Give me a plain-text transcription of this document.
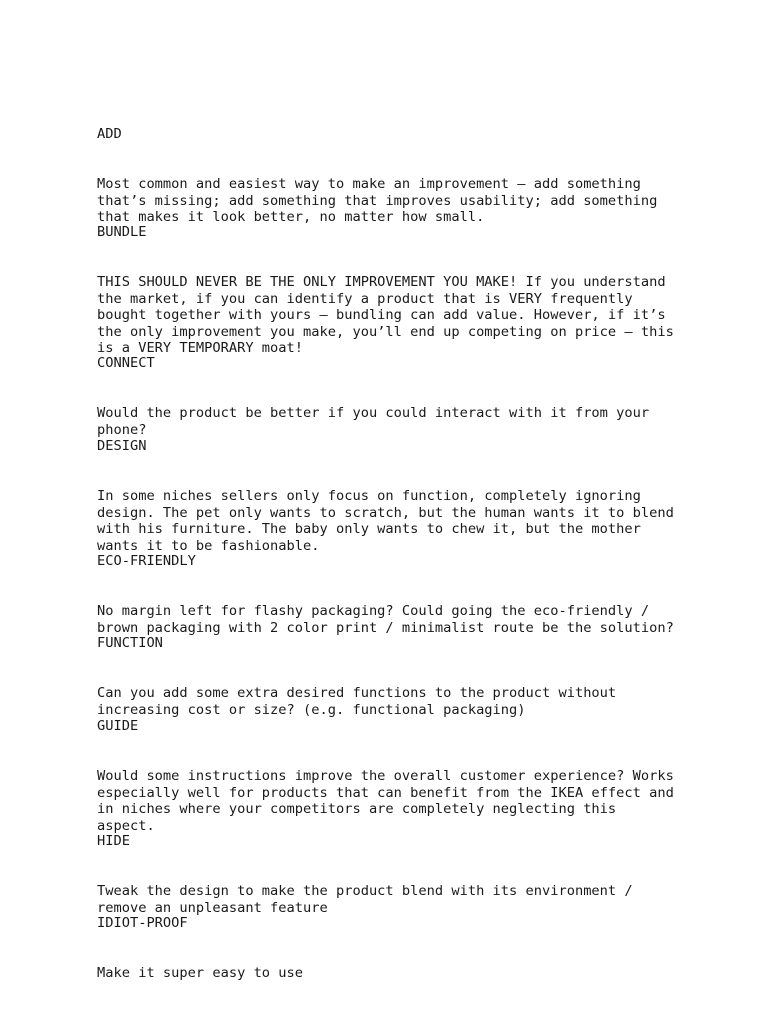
ADD

Most common and easiest way to make an improvement – add something
that’s missing; add something that improves usability; add something
that makes it look better, no matter how small.

BUNDLE

THIS SHOULD NEVER BE THE ONLY IMPROVEMENT YOU MAKE! If you understand
the market, if you can identify a product that is VERY frequently
bought together with yours – bundling can add value. However, if it’s
the only improvement you make, you’ll end up competing on price – this
is a VERY TEMPORARY moat!

CONNECT

Would the product be better if you could interact with it from your
phone?

DESIGN

In some niches sellers only focus on function, completely ignoring
design. The pet only wants to scratch, but the human wants it to blend
with his furniture. The baby only wants to chew it, but the mother
wants it to be fashionable.

ECO-FRIENDLY

No margin left for flashy packaging? Could going the eco-friendly /
brown packaging with 2 color print / minimalist route be the solution?

FUNCTION

Can you add some extra desired functions to the product without
increasing cost or size? (e.g. functional packaging)

GUIDE

Would some instructions improve the overall customer experience? Works
especially well for products that can benefit from the IKEA effect and
in niches where your competitors are completely neglecting this
aspect.

HIDE

Tweak the design to make the product blend with its environment /
remove an unpleasant feature

IDIOT-PROOF

Make it super easy to use
